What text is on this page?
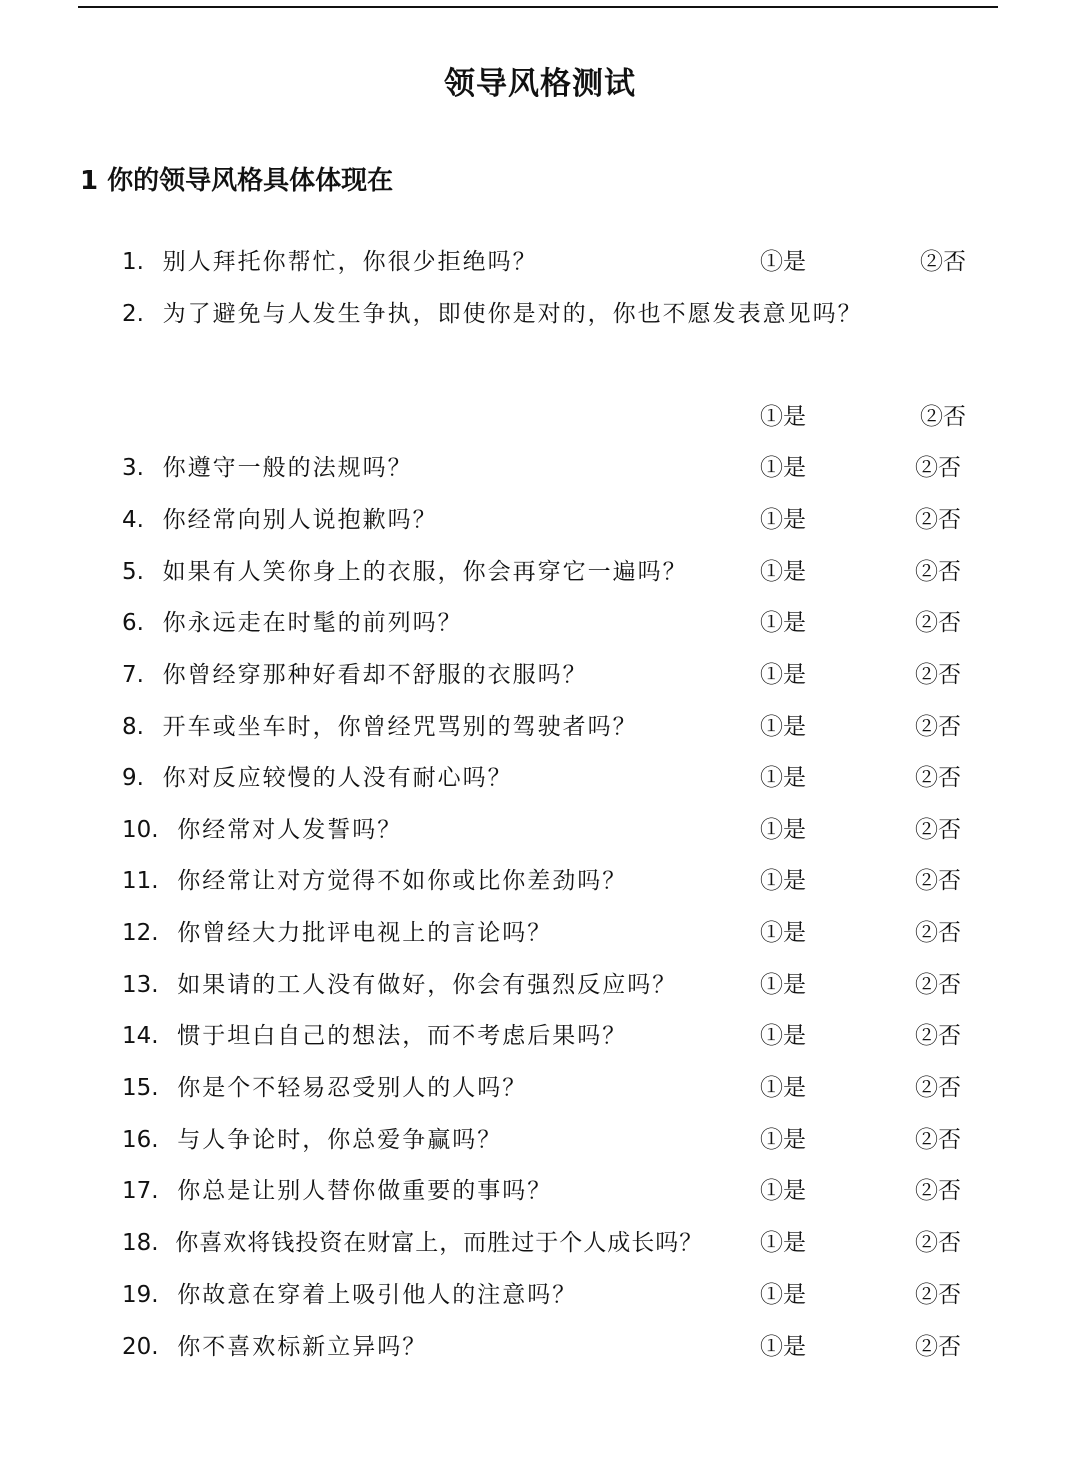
领导风格测试
1 你的领导风格具体体现在
1. 别人拜托你帮忙，你很少拒绝吗？	①是	②否
2. 为了避免与人发生争执，即使你是对的，你也不愿发表意见吗？
①是	②否
3. 你遵守一般的法规吗？	①是	②否
4. 你经常向别人说抱歉吗？	①是	②否
5. 如果有人笑你身上的衣服，你会再穿它一遍吗？	①是	②否
6. 你永远走在时髦的前列吗？	①是	②否
7. 你曾经穿那种好看却不舒服的衣服吗？	①是	②否
8. 开车或坐车时，你曾经咒骂别的驾驶者吗？	①是	②否
9. 你对反应较慢的人没有耐心吗？	①是	②否
10. 你经常对人发誓吗？	①是	②否
11. 你经常让对方觉得不如你或比你差劲吗？	①是	②否
12. 你曾经大力批评电视上的言论吗？	①是	②否
13. 如果请的工人没有做好，你会有强烈反应吗？	①是	②否
14. 惯于坦白自己的想法，而不考虑后果吗？	①是	②否
15. 你是个不轻易忍受别人的人吗？	①是	②否
16. 与人争论时，你总爱争赢吗？	①是	②否
17. 你总是让别人替你做重要的事吗？	①是	②否
18. 你喜欢将钱投资在财富上，而胜过于个人成长吗？ ①是	②否
19. 你故意在穿着上吸引他人的注意吗？	①是	②否
20. 你不喜欢标新立异吗？	①是	②否
